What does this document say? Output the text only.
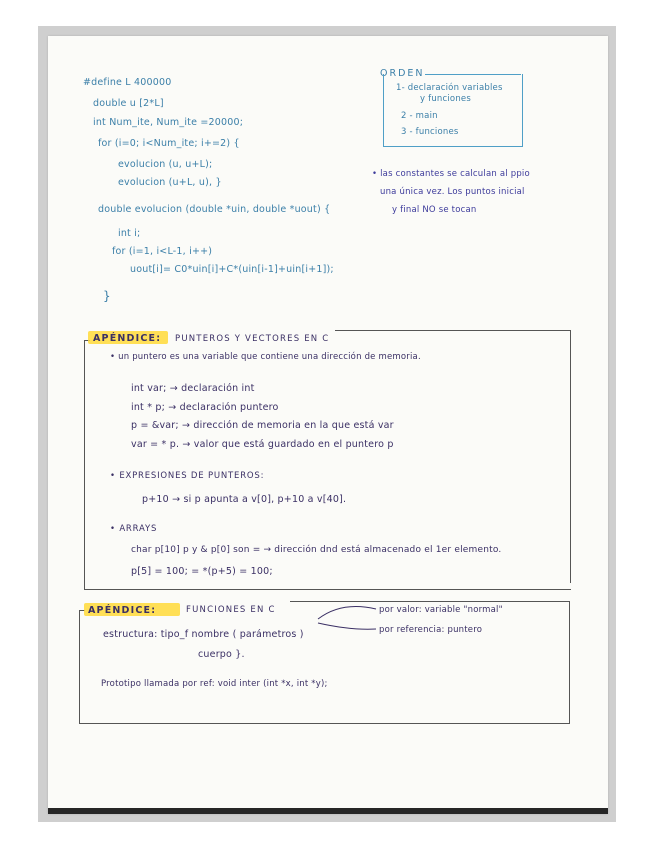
#define L 400000
double u [2*L]
int Num_ite, Num_ite =20000;
for (i=0; i<Num_ite; i+=2) {
evolucion (u, u+L);
evolucion (u+L, u), }
double evolucion (double *uin, double *uout) {
int i;
for (i=1, i<L-1, i++)
uout[i]= C0*uin[i]+C*(uin[i-1]+uin[i+1]);
}
ORDEN
1- declaración variables
y funciones
2 - main
3 - funciones
• las constantes se calculan al ppio
una única vez. Los puntos inicial
y final NO se tocan
APÉNDICE: PUNTEROS Y VECTORES EN C
• un puntero es una variable que contiene una dirección de memoria.
int var; → declaración int
int * p; → declaración puntero
p = &var; → dirección de memoria en la que está var
var = * p. → valor que está guardado en el puntero p
• EXPRESIONES DE PUNTEROS:
p+10 → si p apunta a v[0], p+10 a v[40].
• ARRAYS
char p[10] p y & p[0] son = → dirección dnd está almacenado el 1er elemento.
p[5] = 100; = *(p+5) = 100;
APÉNDICE:	FUNCIONES EN C
estructura: tipo_f nombre ( parámetros )
cuerpo }.
por valor: variable "normal"
por referencia: puntero
Prototipo llamada por ref: void inter (int *x, int *y);
